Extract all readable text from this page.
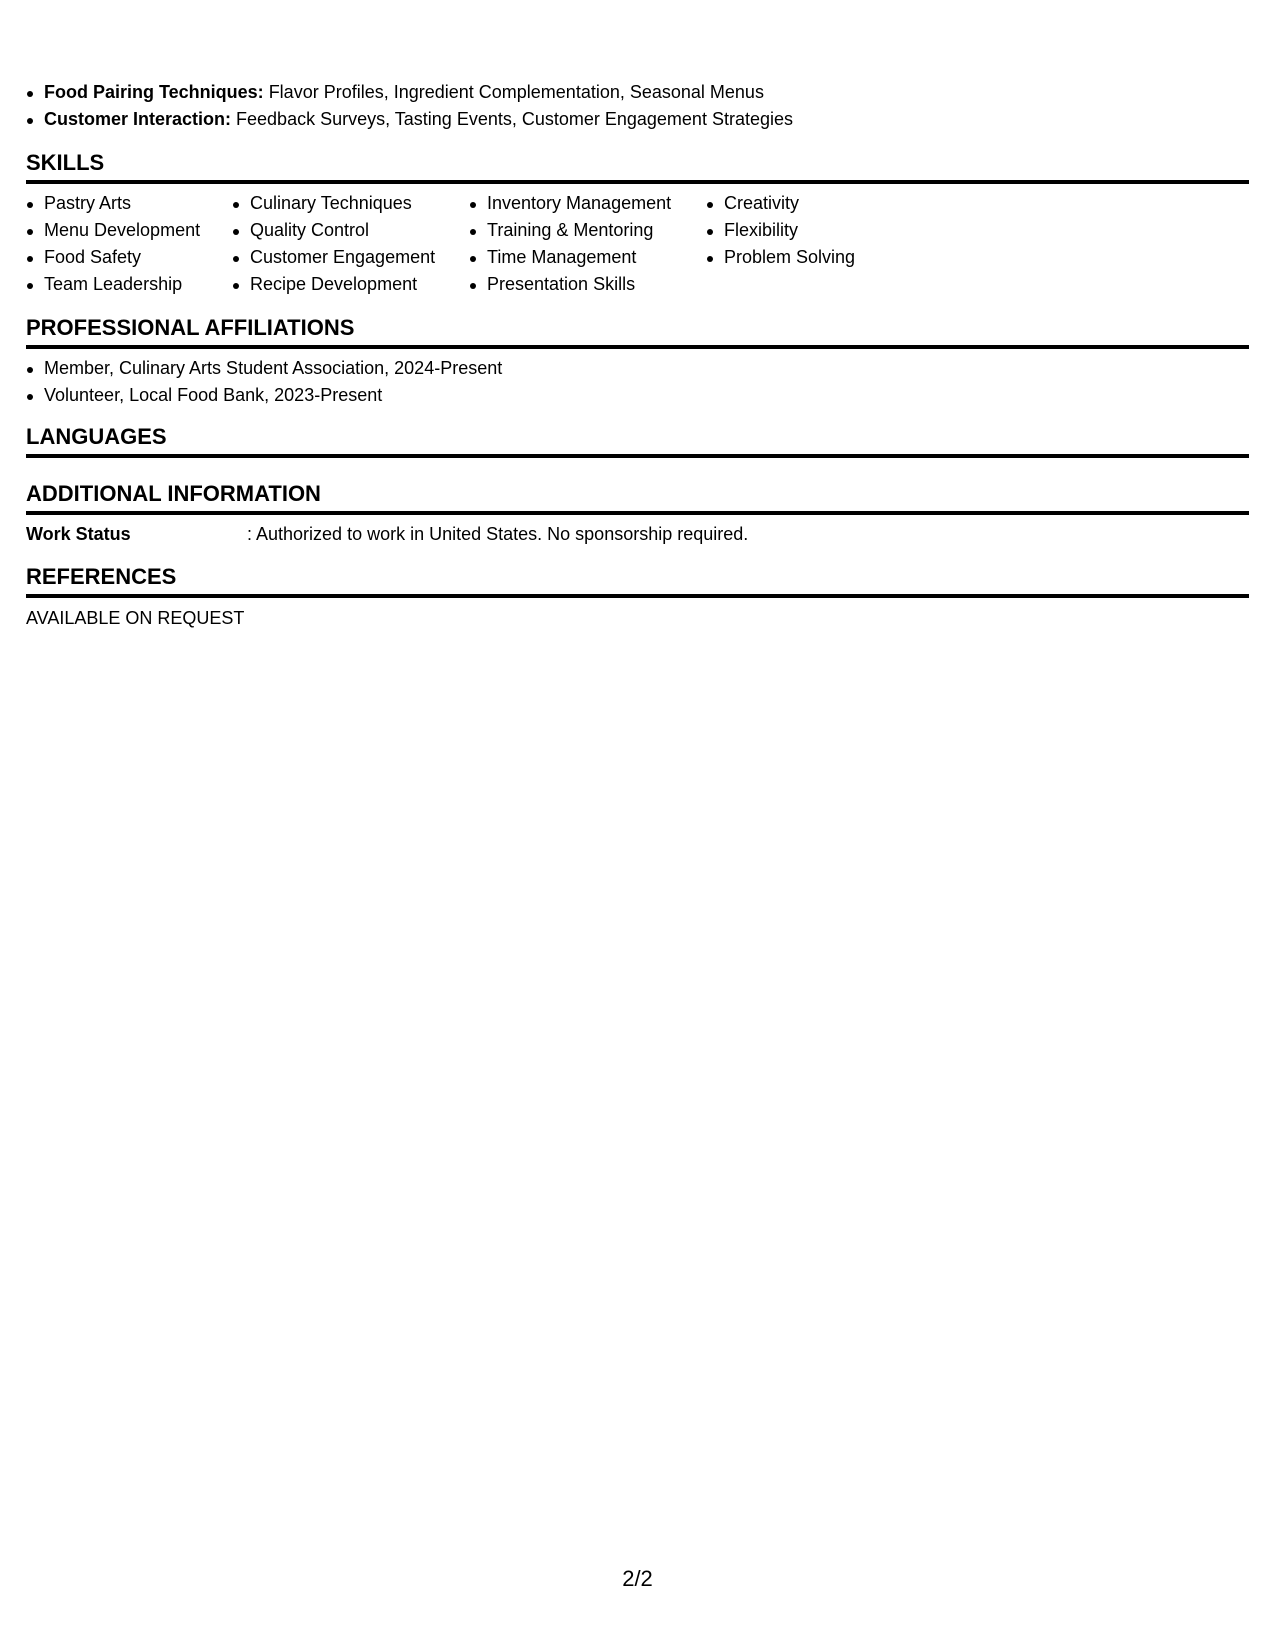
Food Pairing Techniques: Flavor Profiles, Ingredient Complementation, Seasonal Menus
Customer Interaction: Feedback Surveys, Tasting Events, Customer Engagement Strategies
SKILLS
Pastry Arts
Menu Development
Food Safety
Team Leadership
Culinary Techniques
Quality Control
Customer Engagement
Recipe Development
Inventory Management
Training & Mentoring
Time Management
Presentation Skills
Creativity
Flexibility
Problem Solving
PROFESSIONAL AFFILIATIONS
Member, Culinary Arts Student Association, 2024-Present
Volunteer, Local Food Bank, 2023-Present
LANGUAGES
ADDITIONAL INFORMATION
Work Status	: Authorized to work in United States. No sponsorship required.
REFERENCES
AVAILABLE ON REQUEST
2/2
